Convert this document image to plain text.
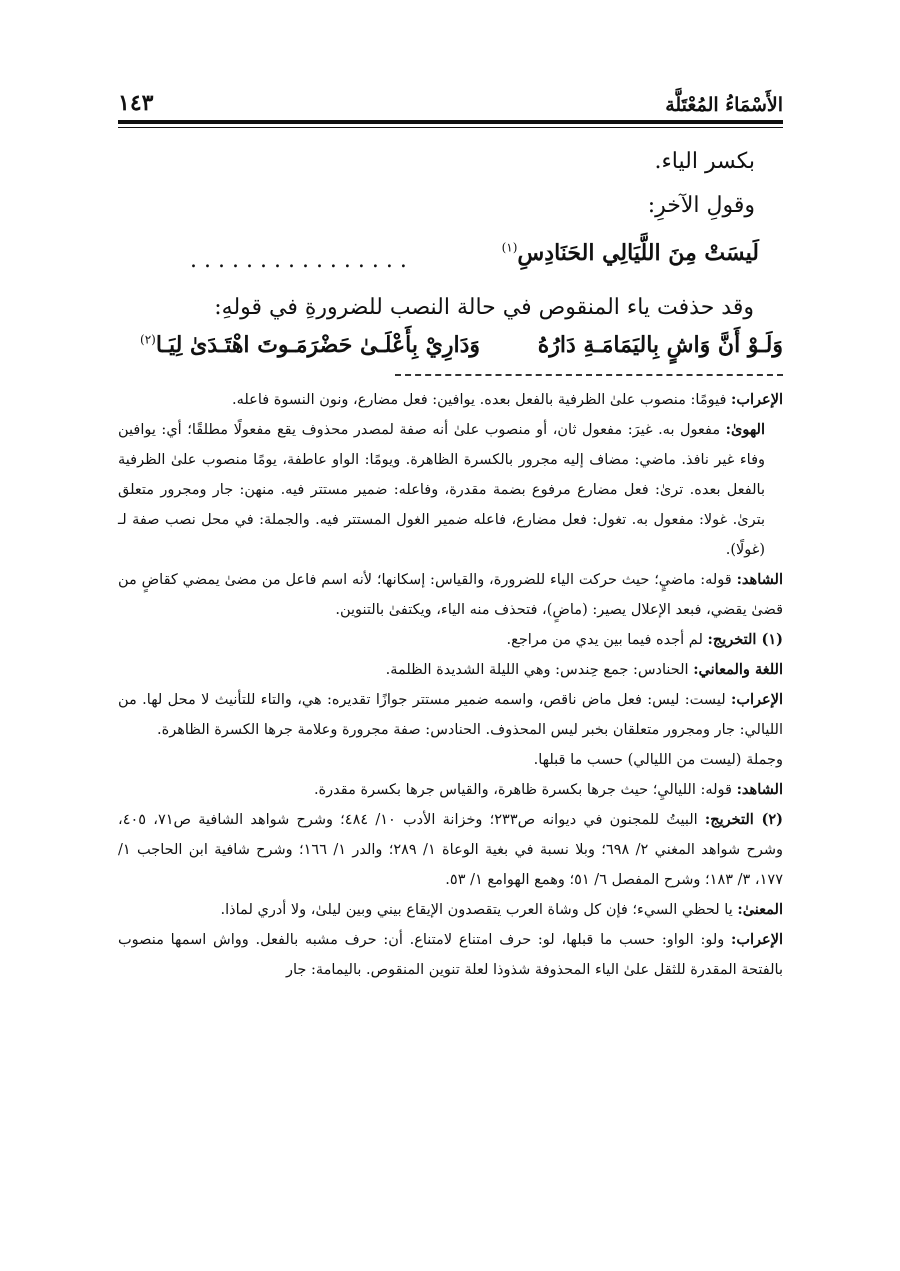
الأَسْمَاءُ المُعْتَلَّة
١٤٣
بكسر الياء.
وقولِ الآخرِ:
لَيسَتْ مِنَ اللَّيَالِي الحَنَادِسِ$^{(١)}$
................
وقد حذفت ياء المنقوص في حالة النصب للضرورةِ في قولهِ:
وَلَـوْ أَنَّ وَاشٍ بِاليَمَامَـةِ دَارُهُ
وَدَارِيْ بِأَعْلَـىٰ حَضْرَمَـوتَ اهْتَـدَىٰ لِيَـا$^{(٢)}$

الإعراب: فيومًا: منصوب علىٰ الظرفية بالفعل بعده. يوافين: فعل مضارع، ونون النسوة فاعله.

الهوىٰ: مفعول به. غيرَ: مفعول ثان، أو منصوب علىٰ أنه صفة لمصدر محذوف يقع مفعولًا مطلقًا؛ أي: يوافين وفاء غير نافذ. ماضي: مضاف إليه مجرور بالكسرة الظاهرة. ويومًا: الواو عاطفة، يومًا منصوب علىٰ الظرفية بالفعل بعده. ترىٰ: فعل مضارع مرفوع بضمة مقدرة، وفاعله: ضمير مستتر فيه. منهن: جار ومجرور متعلق بترىٰ. غولا: مفعول به. تغول: فعل مضارع، فاعله ضمير الغول المستتر فيه. والجملة: في محل نصب صفة لـ (غولًا).

الشاهد: قوله: ماضيٍ؛ حيث حركت الياء للضرورة، والقياس: إسكانها؛ لأنه اسم فاعل من مضىٰ يمضي كقاضٍ من قضىٰ يقضي، فبعد الإعلال يصير: (ماضٍ)، فتحذف منه الياء، ويكتفىٰ بالتنوين.

(١) التخريج: لم أجده فيما بين يدي من مراجع.

اللغة والمعاني: الحنادس: جمع حِندس: وهي الليلة الشديدة الظلمة.

الإعراب: ليست: ليس: فعل ماض ناقص، واسمه ضمير مستتر جوازًا تقديره: هي، والتاء للتأنيث لا محل لها. من الليالي: جار ومجرور متعلقان بخبر ليس المحذوف. الحنادس: صفة مجرورة وعلامة جرها الكسرة الظاهرة.

وجملة (ليست من الليالي) حسب ما قبلها.

الشاهد: قوله: اللياليِ؛ حيث جرها بكسرة ظاهرة، والقياس جرها بكسرة مقدرة.

(٢) التخريج: البيتُ للمجنون في ديوانه ص٢٣٣؛ وخزانة الأدب ١٠/ ٤٨٤؛ وشرح شواهد الشافية ص٧١، ٤٠٥، وشرح شواهد المغني ٢/ ٦٩٨؛ وبلا نسبة في بغية الوعاة ١/ ٢٨٩؛ والدر ١/ ١٦٦؛ وشرح شافية ابن الحاجب ١/ ١٧٧، ٣/ ١٨٣؛ وشرح المفصل ٦/ ٥١؛ وهمع الهوامع ١/ ٥٣.

المعنىٰ: يا لحظي السيء؛ فإن كل وشاة العرب يتقصدون الإيقاع بيني وبين ليلىٰ، ولا أدري لماذا.

الإعراب: ولو: الواو: حسب ما قبلها، لو: حرف امتناع لامتناع. أن: حرف مشبه بالفعل. وواش اسمها منصوب بالفتحة المقدرة للثقل علىٰ الياء المحذوفة شذوذا لعلة تنوين المنقوص. باليمامة: جار
